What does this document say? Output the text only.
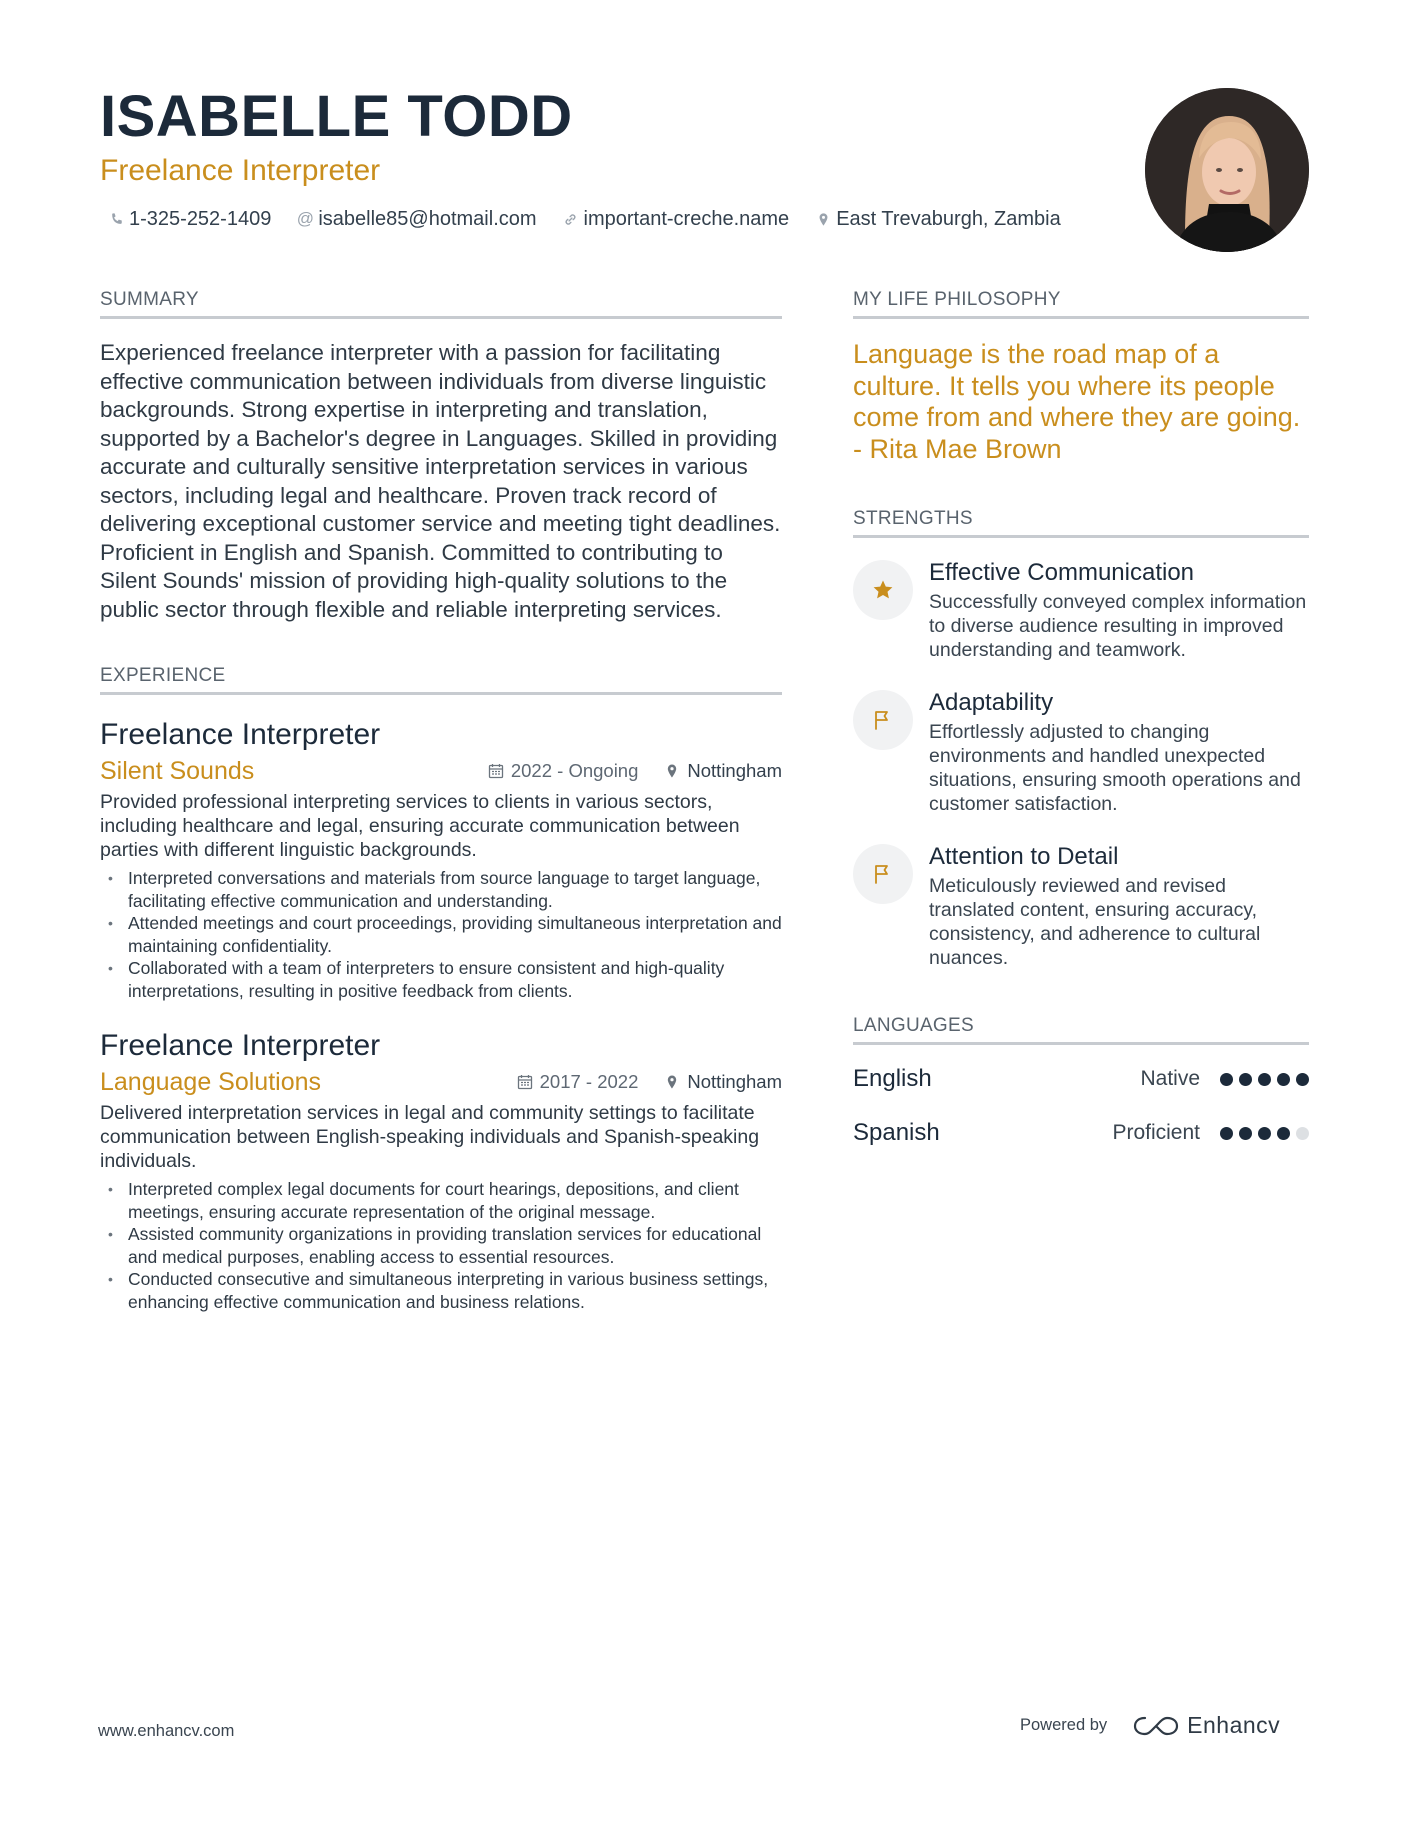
ISABELLE TODD
Freelance Interpreter
1-325-252-1409 @ isabelle85@hotmail.com important-creche.name East Trevaburgh, Zambia
SUMMARY
Experienced freelance interpreter with a passion for facilitating effective communication between individuals from diverse linguistic backgrounds. Strong expertise in interpreting and translation, supported by a Bachelor's degree in Languages. Skilled in providing accurate and culturally sensitive interpretation services in various sectors, including legal and healthcare. Proven track record of delivering exceptional customer service and meeting tight deadlines. Proficient in English and Spanish. Committed to contributing to Silent Sounds' mission of providing high-quality solutions to the public sector through flexible and reliable interpreting services.
EXPERIENCE
Freelance Interpreter
Silent Sounds	2022 - Ongoing	Nottingham
Provided professional interpreting services to clients in various sectors, including healthcare and legal, ensuring accurate communication between parties with different linguistic backgrounds.
• Interpreted conversations and materials from source language to target language, facilitating effective communication and understanding.
• Attended meetings and court proceedings, providing simultaneous interpretation and maintaining confidentiality.
• Collaborated with a team of interpreters to ensure consistent and high-quality interpretations, resulting in positive feedback from clients.
Freelance Interpreter
Language Solutions	2017 - 2022	Nottingham
Delivered interpretation services in legal and community settings to facilitate communication between English-speaking individuals and Spanish-speaking individuals.
• Interpreted complex legal documents for court hearings, depositions, and client meetings, ensuring accurate representation of the original message.
• Assisted community organizations in providing translation services for educational and medical purposes, enabling access to essential resources.
• Conducted consecutive and simultaneous interpreting in various business settings, enhancing effective communication and business relations.
MY LIFE PHILOSOPHY
Language is the road map of a culture. It tells you where its people come from and where they are going. - Rita Mae Brown
STRENGTHS
Effective Communication
Successfully conveyed complex information to diverse audience resulting in improved understanding and teamwork.
Adaptability
Effortlessly adjusted to changing environments and handled unexpected situations, ensuring smooth operations and customer satisfaction.
Attention to Detail
Meticulously reviewed and revised translated content, ensuring accuracy, consistency, and adherence to cultural nuances.
LANGUAGES
English	Native
Spanish	Proficient
www.enhancv.com	Powered by	Enhancv
